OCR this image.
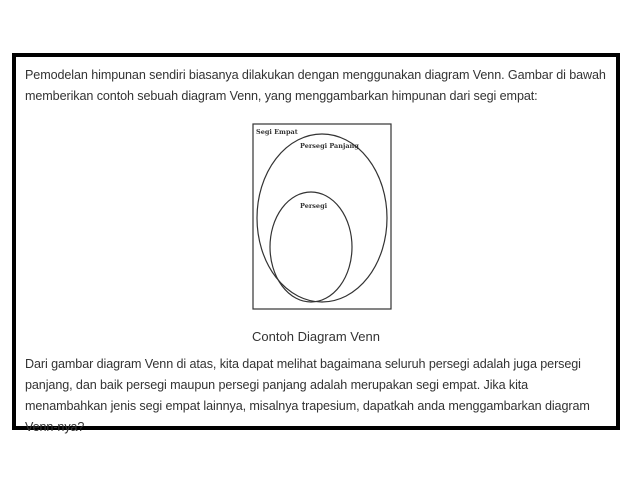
Pemodelan himpunan sendiri biasanya dilakukan dengan menggunakan diagram Venn. Gambar di bawah memberikan contoh sebuah diagram Venn, yang menggambarkan himpunan dari segi empat:

Segi Empat
Persegi Panjang
Persegi
Contoh Diagram Venn

Dari gambar diagram Venn di atas, kita dapat melihat bagaimana seluruh persegi adalah juga persegi panjang, dan baik persegi maupun persegi panjang adalah merupakan segi empat. Jika kita menambahkan jenis segi empat lainnya, misalnya trapesium, dapatkah anda menggambarkan diagram Venn-nya?
